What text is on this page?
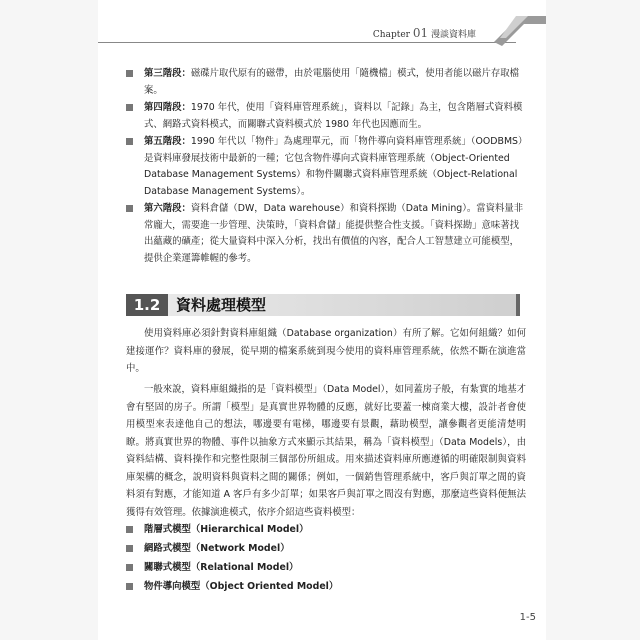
Chapter 01 漫談資料庫
第三階段：磁碟片取代原有的磁帶，由於電腦使用「隨機檔」模式，使用者能以磁片存取檔案。
第四階段：1970 年代，使用「資料庫管理系統」，資料以「記錄」為主，包含階層式資料模式、網路式資料模式，而關聯式資料模式於 1980 年代也因應而生。
第五階段：1990 年代以「物件」為處理單元，而「物件導向資料庫管理系統」（OODBMS）是資料庫發展技術中最新的一種；它包含物件導向式資料庫管理系統（Object-Oriented Database Management Systems）和物件關聯式資料庫管理系統（Object-Relational Database Management Systems）。
第六階段：資料倉儲（DW，Data warehouse）和資料探勘（Data Mining）。當資料量非常龐大，需要進一步管理、決策時，「資料倉儲」能提供整合性支援。「資料探勘」意味著找出蘊藏的礦產；從大量資料中深入分析，找出有價值的內容，配合人工智慧建立可能模型，提供企業運籌帷幄的參考。
1.2	資料處理模型
使用資料庫必須針對資料庫組織（Database organization）有所了解。它如何組織？如何建接運作？資料庫的發展，從早期的檔案系統到現今使用的資料庫管理系統，依然不斷在演進當中。
一般來說，資料庫組織指的是「資料模型」（Data Model），如同蓋房子般，有紮實的地基才會有堅固的房子。所謂「模型」是真實世界物體的反應，就好比要蓋一棟商業大樓，設計者會使用模型來表達他自己的想法，哪邊要有電梯，哪邊要有景觀，藉助模型，讓參觀者更能清楚明瞭。將真實世界的物體、事件以抽象方式來顯示其結果，稱為「資料模型」（Data Models），由資料結構、資料操作和完整性限制三個部份所組成。用來描述資料庫所應遵循的明確限制與資料庫架構的概念，說明資料與資料之間的關係；例如，一個銷售管理系統中，客戶與訂單之間的資料須有對應，才能知道 A 客戶有多少訂單；如果客戶與訂單之間沒有對應，那麼這些資料便無法獲得有效管理。依據演進模式，依序介紹這些資料模型：
階層式模型（Hierarchical Model）
網路式模型（Network Model）
關聯式模型（Relational Model）
物件導向模型（Object Oriented Model）
1-5
